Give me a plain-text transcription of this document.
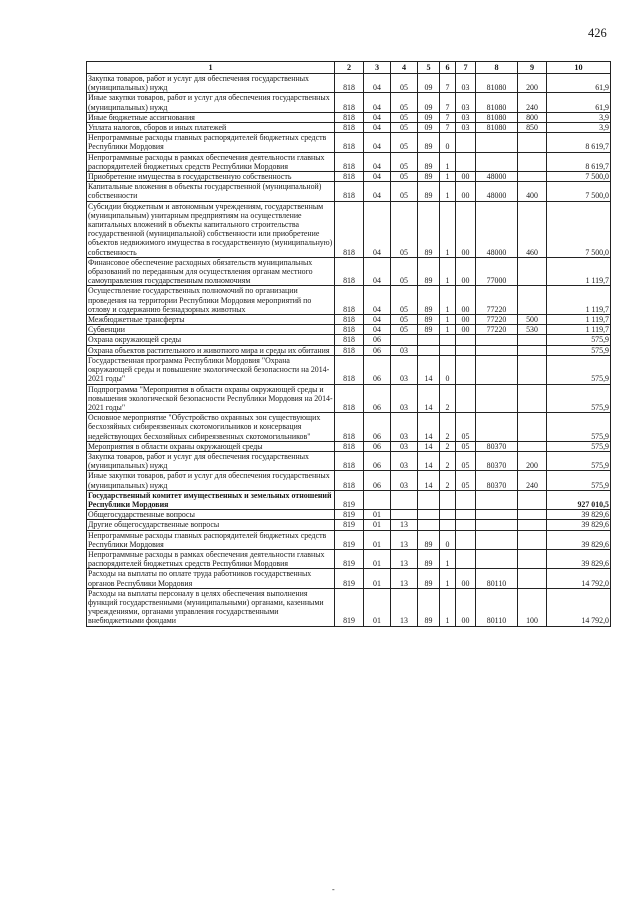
426
1	2	3	4	5	6	7	8	9	10
Закупка товаров, работ и услуг для обеспечения государственных (муниципальных) нужд	818	04	05	09	7	03	81080	200	61,9
Иные закупки товаров, работ и услуг для обеспечения государственных (муниципальных) нужд	818	04	05	09	7	03	81080	240	61,9
Иные бюджетные ассигнования	818	04	05	09	7	03	81080	800	3,9
Уплата налогов, сборов и иных платежей	818	04	05	09	7	03	81080	850	3,9
Непрограммные расходы главных распорядителей бюджетных средств Республики Мордовия	818	04	05	89	0				8 619,7
Непрограммные расходы в рамках обеспечения деятельности главных распорядителей бюджетных средств Республики Мордовия	818	04	05	89	1				8 619,7
Приобретение имущества в государственную собственность	818	04	05	89	1	00	48000		7 500,0
Капитальные вложения в объекты государственной (муниципальной) собственности	818	04	05	89	1	00	48000	400	7 500,0
Субсидии бюджетным и автономным учреждениям, государственным (муниципальным) унитарным предприятиям на осуществление капитальных вложений в объекты капитального строительства государственной (муниципальной) собственности или приобретение объектов недвижимого имущества в государственную (муниципальную) собственность	818	04	05	89	1	00	48000	460	7 500,0
Финансовое обеспечение расходных обязательств муниципальных образований по переданным для осуществления органам местного самоуправления государственным полномочиям	818	04	05	89	1	00	77000		1 119,7
Осуществление государственных полномочий по организации проведения на территории Республики Мордовия мероприятий по отлову и содержанию безнадзорных животных	818	04	05	89	1	00	77220		1 119,7
Межбюджетные трансферты	818	04	05	89	1	00	77220	500	1 119,7
Субвенции	818	04	05	89	1	00	77220	530	1 119,7
Охрана окружающей среды	818	06							575,9
Охрана объектов растительного и животного мира и среды их обитания	818	06	03						575,9
Государственная программа Республики Мордовия "Охрана окружающей среды и повышение экологической безопасности на 2014-2021 годы"	818	06	03	14	0				575,9
Подпрограмма "Мероприятия в области охраны окружающей среды и повышения экологической безопасности Республики Мордовия на 2014-2021 годы"	818	06	03	14	2				575,9
Основное мероприятие "Обустройство охранных зон существующих бесхозяйных сибиреязвенных скотомогильников и консервация недействующих бесхозяйных сибиреязвенных скотомогильников"	818	06	03	14	2	05			575,9
Мероприятия в области охраны окружающей среды	818	06	03	14	2	05	80370		575,9
Закупка товаров, работ и услуг для обеспечения государственных (муниципальных) нужд	818	06	03	14	2	05	80370	200	575,9
Иные закупки товаров, работ и услуг для обеспечения государственных (муниципальных) нужд	818	06	03	14	2	05	80370	240	575,9
Государственный комитет имущественных и земельных отношений Республики Мордовия	819								927 010,5
Общегосударственные вопросы	819	01							39 829,6
Другие общегосударственные вопросы	819	01	13						39 829,6
Непрограммные расходы главных распорядителей бюджетных средств Республики Мордовия	819	01	13	89	0				39 829,6
Непрограммные расходы в рамках обеспечения деятельности главных распорядителей бюджетных средств Республики Мордовия	819	01	13	89	1				39 829,6
Расходы на выплаты по оплате труда работников государственных органов Республики Мордовия	819	01	13	89	1	00	80110		14 792,0
Расходы на выплаты персоналу в целях обеспечения выполнения функций государственными (муниципальными) органами, казенными учреждениями, органами управления государственными внебюджетными фондами	819	01	13	89	1	00	80110	100	14 792,0
-
